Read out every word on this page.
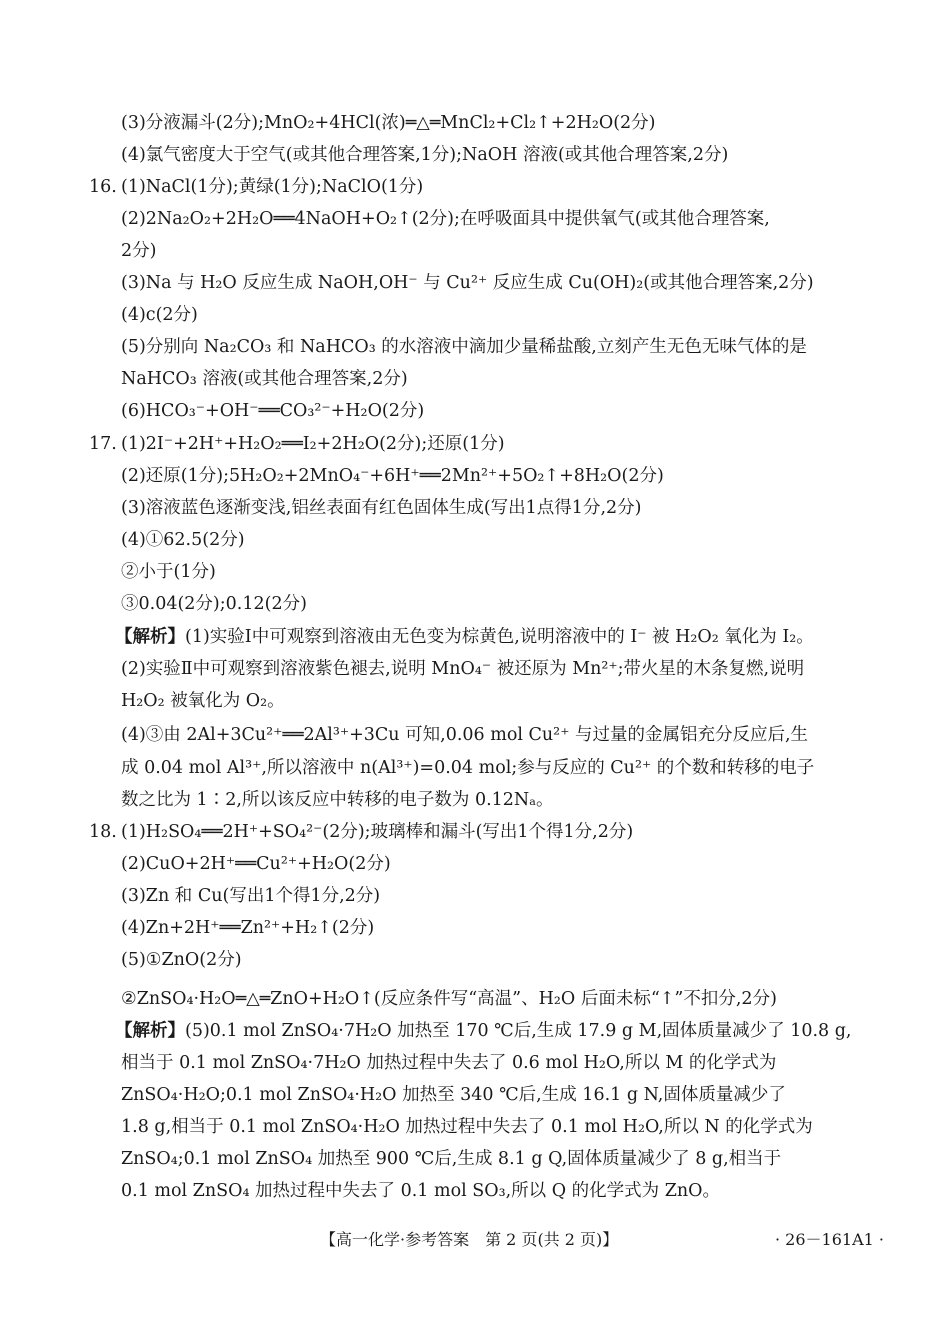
(3)分液漏斗(2分);MnO₂+4HCl(浓)═△═MnCl₂+Cl₂↑+2H₂O(2分)
(4)氯气密度大于空气(或其他合理答案,1分);NaOH 溶液(或其他合理答案,2分)
16. (1)NaCl(1分);黄绿(1分);NaClO(1分)
(2)2Na₂O₂+2H₂O══4NaOH+O₂↑(2分);在呼吸面具中提供氧气(或其他合理答案,
2分)
(3)Na 与 H₂O 反应生成 NaOH,OH⁻ 与 Cu²⁺ 反应生成 Cu(OH)₂(或其他合理答案,2分)
(4)c(2分)
(5)分别向 Na₂CO₃ 和 NaHCO₃ 的水溶液中滴加少量稀盐酸,立刻产生无色无味气体的是
NaHCO₃ 溶液(或其他合理答案,2分)
(6)HCO₃⁻+OH⁻══CO₃²⁻+H₂O(2分)
17. (1)2I⁻+2H⁺+H₂O₂══I₂+2H₂O(2分);还原(1分)
(2)还原(1分);5H₂O₂+2MnO₄⁻+6H⁺══2Mn²⁺+5O₂↑+8H₂O(2分)
(3)溶液蓝色逐渐变浅,铝丝表面有红色固体生成(写出1点得1分,2分)
(4)①62.5(2分)
②小于(1分)
③0.04(2分);0.12(2分)
【解析】(1)实验Ⅰ中可观察到溶液由无色变为棕黄色,说明溶液中的 I⁻ 被 H₂O₂ 氧化为 I₂。
(2)实验Ⅱ中可观察到溶液紫色褪去,说明 MnO₄⁻ 被还原为 Mn²⁺;带火星的木条复燃,说明
H₂O₂ 被氧化为 O₂。
(4)③由 2Al+3Cu²⁺══2Al³⁺+3Cu 可知,0.06 mol Cu²⁺ 与过量的金属铝充分反应后,生
成 0.04 mol Al³⁺,所以溶液中 n(Al³⁺)=0.04 mol;参与反应的 Cu²⁺ 的个数和转移的电子
数之比为 1∶2,所以该反应中转移的电子数为 0.12Nₐ。
18. (1)H₂SO₄══2H⁺+SO₄²⁻(2分);玻璃棒和漏斗(写出1个得1分,2分)
(2)CuO+2H⁺══Cu²⁺+H₂O(2分)
(3)Zn 和 Cu(写出1个得1分,2分)
(4)Zn+2H⁺══Zn²⁺+H₂↑(2分)
(5)①ZnO(2分)
②ZnSO₄·H₂O═△═ZnO+H₂O↑(反应条件写“高温”、H₂O 后面未标“↑”不扣分,2分)
【解析】(5)0.1 mol ZnSO₄·7H₂O 加热至 170 ℃后,生成 17.9 g M,固体质量减少了 10.8 g,
相当于 0.1 mol ZnSO₄·7H₂O 加热过程中失去了 0.6 mol H₂O,所以 M 的化学式为
ZnSO₄·H₂O;0.1 mol ZnSO₄·H₂O 加热至 340 ℃后,生成 16.1 g N,固体质量减少了
1.8 g,相当于 0.1 mol ZnSO₄·H₂O 加热过程中失去了 0.1 mol H₂O,所以 N 的化学式为
ZnSO₄;0.1 mol ZnSO₄ 加热至 900 ℃后,生成 8.1 g Q,固体质量减少了 8 g,相当于
0.1 mol ZnSO₄ 加热过程中失去了 0.1 mol SO₃,所以 Q 的化学式为 ZnO。
【高一化学·参考答案　第 2 页(共 2 页)】	· 26－161A1 ·
